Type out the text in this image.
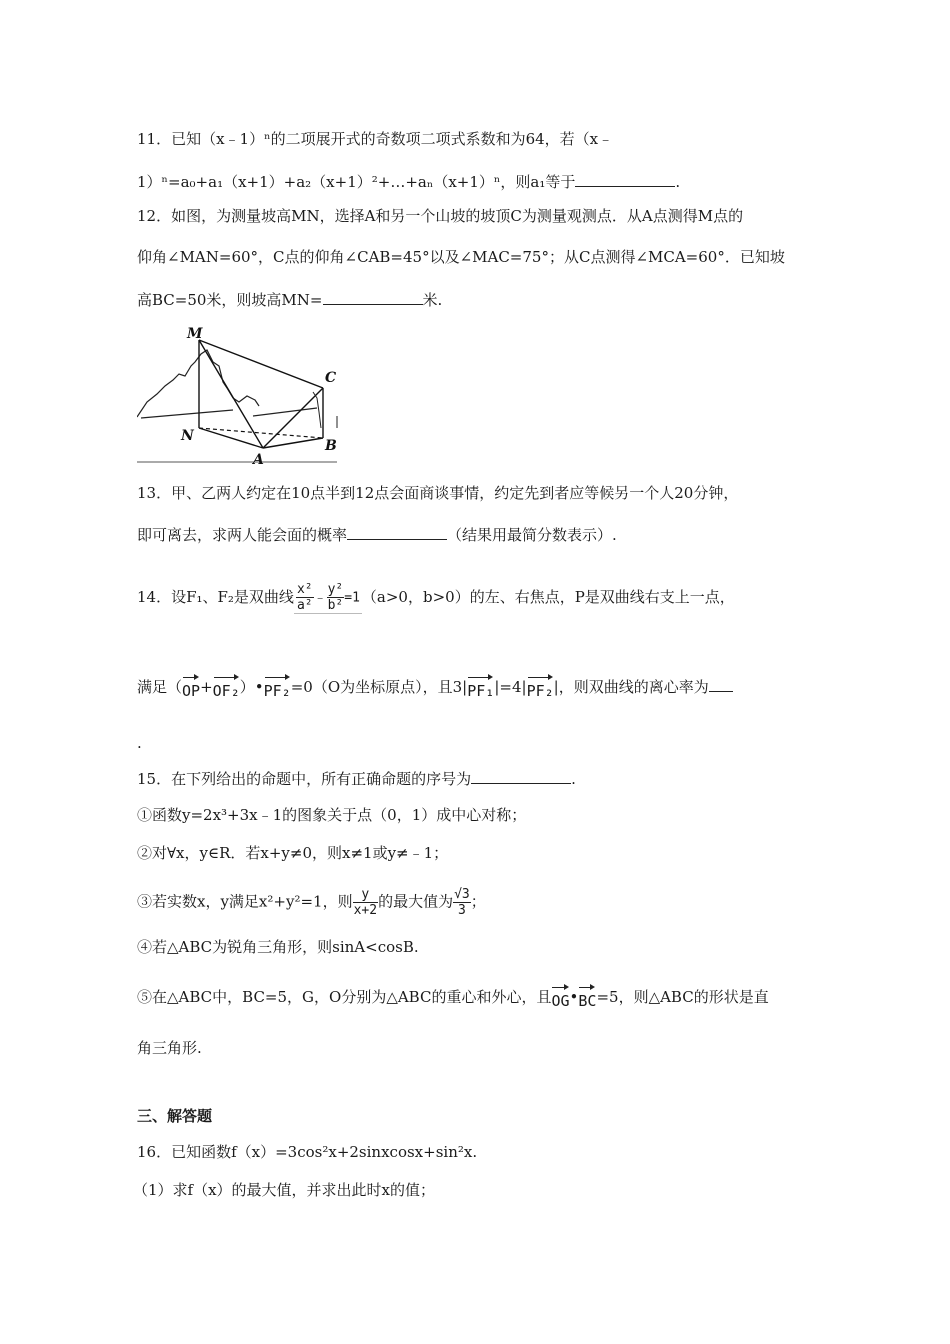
11．已知（x﹣1）ⁿ的二项展开式的奇数项二项式系数和为64，若（x﹣
1）ⁿ=a₀+a₁（x+1）+a₂（x+1）²+…+aₙ（x+1）ⁿ，则a₁等于	.
12．如图，为测量坡高MN，选择A和另一个山坡的坡顶C为测量观测点．从A点测得M点的
仰角∠MAN=60°，C点的仰角∠CAB=45°以及∠MAC=75°；从C点测得∠MCA=60°．已知坡
高BC=50米，则坡高MN=	米.
M
C
N
A
B
13．甲、乙两人约定在10点半到12点会面商谈事情，约定先到者应等候另一个人20分钟，
即可离去，求两人能会面的概率	（结果用最简分数表示）.
14．设F₁、F₂是双曲线 $\frac{\text{x²}}{\text{a²}}$ ﹣ $\frac{\text{y²}}{\text{b²}} =1$ （a>0，b>0）的左、右焦点，P是双曲线右支上一点，
满足（OP+OF₂）•PF₂=0（O为坐标原点），且3|PF₁|=4|PF₂|，则双曲线的离心率为
.
15．在下列给出的命题中，所有正确命题的序号为	.
①函数y=2x³+3x﹣1的图象关于点（0，1）成中心对称；
②对∀x，y∈R．若x+y≠0，则x≠1或y≠﹣1；
③若实数x，y满足x²+y²=1，则 $\frac{y}{x+2}$ 的最大值为 $\frac{√3}{3}$ ；
④若△ABC为锐角三角形，则sinA<cosB.
⑤在△ABC中，BC=5，G，O分别为△ABC的重心和外心，且OG•BC=5，则△ABC的形状是直
角三角形.
三、解答题
16．已知函数f（x）=3cos²x+2sinxcosx+sin²x.
（1）求f（x）的最大值，并求出此时x的值；
